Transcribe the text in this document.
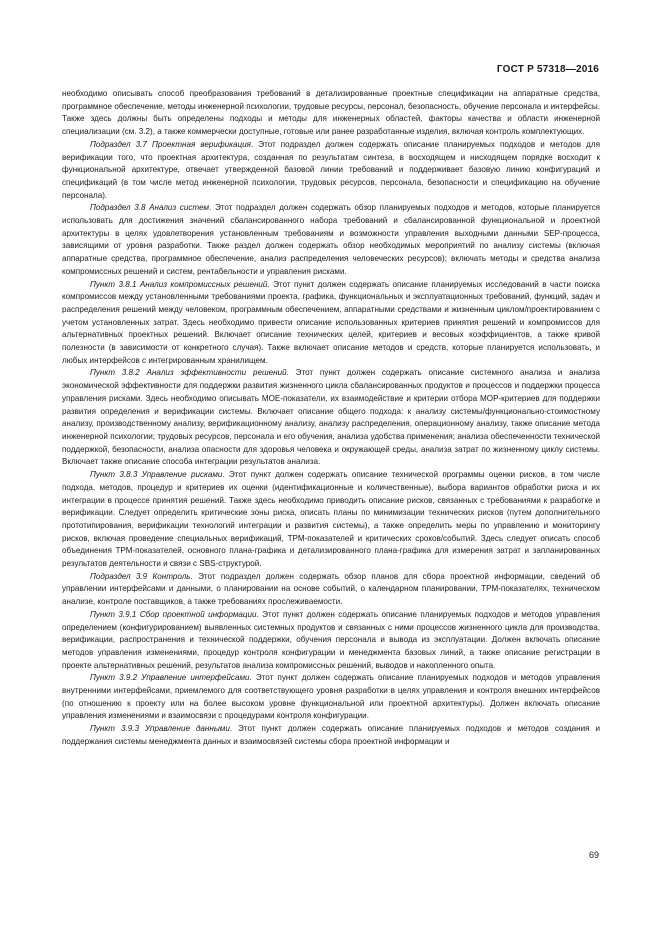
ГОСТ Р 57318—2016

необходимо описывать способ преобразования требований в детализированные проектные спецификации на аппаратные средства, программное обеспечение, методы инженерной психологии, трудовые ресурсы, персонал, безопасность, обучение персонала и интерфейсы. Также здесь должны быть определены подходы и методы для инженерных областей, факторы качества и области инженерной специализации (см. 3.2), а также коммерчески доступные, готовые или ранее разработанные изделия, включая контроль комплектующих.

Подраздел 3.7 Проектная верификация. Этот подраздел должен содержать описание планируемых подходов и методов для верификации того, что проектная архитектура, созданная по результатам синтеза, в восходящем и нисходящем порядке восходит к функциональной архитектуре, отвечает утвержденной базовой линии требований и поддерживает базовую линию конфигураций и спецификаций (в том числе метод инженерной психологии, трудовых ресурсов, персонала, безопасности и спецификацию на обучение персонала).

Подраздел 3.8 Анализ систем. Этот подраздел должен содержать обзор планируемых подходов и методов, которые планируется использовать для достижения значений сбалансированного набора требований и сбалансированной функциональной и проектной архитектуры в целях удовлетворения установленным требованиям и возможности управления выходными данными SEP-процесса, зависящими от уровня разработки. Также раздел должен содержать обзор необходимых мероприятий по анализу системы (включая аппаратные средства, программное обеспечение, анализ распределения человеческих ресурсов); включать методы и средства анализа компромиссных решений и систем, рентабельности и управления рисками.

Пункт 3.8.1 Анализ компромиссных решений. Этот пункт должен содержать описание планируемых исследований в части поиска компромиссов между установленными требованиями проекта, графика, функциональных и эксплуатационных требований, функций, задач и распределения решений между человеком, программным обеспечением, аппаратными средствами и жизненным циклом/проектированием с учетом установленных затрат. Здесь необходимо привести описание использованных критериев принятия решений и компромиссов для альтернативных проектных решений. Включает описание технических целей, критериев и весовых коэффициентов, а также кривой полезности (в зависимости от конкретного случая). Также включает описание методов и средств, которые планируется использовать, и любых интерфейсов с интегрированным хранилищем.

Пункт 3.8.2 Анализ эффективности решений. Этот пункт должен содержать описание системного анализа и анализа экономической эффективности для поддержки развития жизненного цикла сбалансированных продуктов и процессов и поддержки процесса управления рисками. Здесь необходимо описывать МОЕ-показатели, их взаимодействие и критерии отбора МОР-критериев для поддержки развития определения и верификации системы. Включает описание общего подхода: к анализу системы/функционально-стоимостному анализу, производственному анализу, верификационному анализу, анализу распределения, операционному анализу, также описание метода инженерной психологии; трудовых ресурсов, персонала и его обучения, анализа удобства применения; анализа обеспеченности технической поддержкой, безопасности, анализа опасности для здоровья человека и окружающей среды, анализа затрат по жизненному циклу системы. Включает также описание способа интеграции результатов анализа.

Пункт 3.8.3 Управление рисками. Этот пункт должен содержать описание технической программы оценки рисков, в том числе подхода, методов, процедур и критериев их оценки (идентификационные и количественные), выбора вариантов обработки риска и их интеграции в процессе принятия решений. Также здесь необходимо приводить описание рисков, связанных с требованиями к разработке и верификации. Следует определить критические зоны риска, описать планы по минимизации технических рисков (путем дополнительного прототипирования, верификации технологий интеграции и развития системы), а также определить меры по управлению и мониторингу рисков, включая проведение специальных верификаций, ТРМ-показателей и критических сроков/событий. Здесь следует описать способ объединения ТРМ-показателей, основного плана-графика и детализированного плана-графика для измерения затрат и запланированных результатов деятельности и связи с SBS-структурой.

Подраздел 3.9 Контроль. Этот подраздел должен содержать обзор планов для сбора проектной информации, сведений об управлении интерфейсами и данными, о планировании на основе событий, о календарном планировании, ТРМ-показателях, техническом анализе, контроле поставщиков, а также требованиях прослеживаемости.

Пункт 3.9.1 Сбор проектной информации. Этот пункт должен содержать описание планируемых подходов и методов управления определением (конфигурированием) выявленных системных продуктов и связанных с ними процессов жизненного цикла для производства, верификации, распространения и технической поддержки, обучения персонала и вывода из эксплуатации. Должен включать описание методов управления изменениями, процедур контроля конфигурации и менеджмента базовых линий, а также описание регистрации в проекте альтернативных решений, результатов анализа компромиссных решений, выводов и накопленного опыта.

Пункт 3.9.2 Управление интерфейсами. Этот пункт должен содержать описание планируемых подходов и методов управления внутренними интерфейсами, приемлемого для соответствующего уровня разработки в целях управления и контроля внешних интерфейсов (по отношению к проекту или на более высоком уровне функциональной или проектной архитектуры). Должен включать описание управления изменениями и взаимосвязи с процедурами контроля конфигурации.

Пункт 3.9.3 Управление данными. Этот пункт должен содержать описание планируемых подходов и методов создания и поддержания системы менеджмента данных и взаимосвязей системы сбора проектной информации и

69
